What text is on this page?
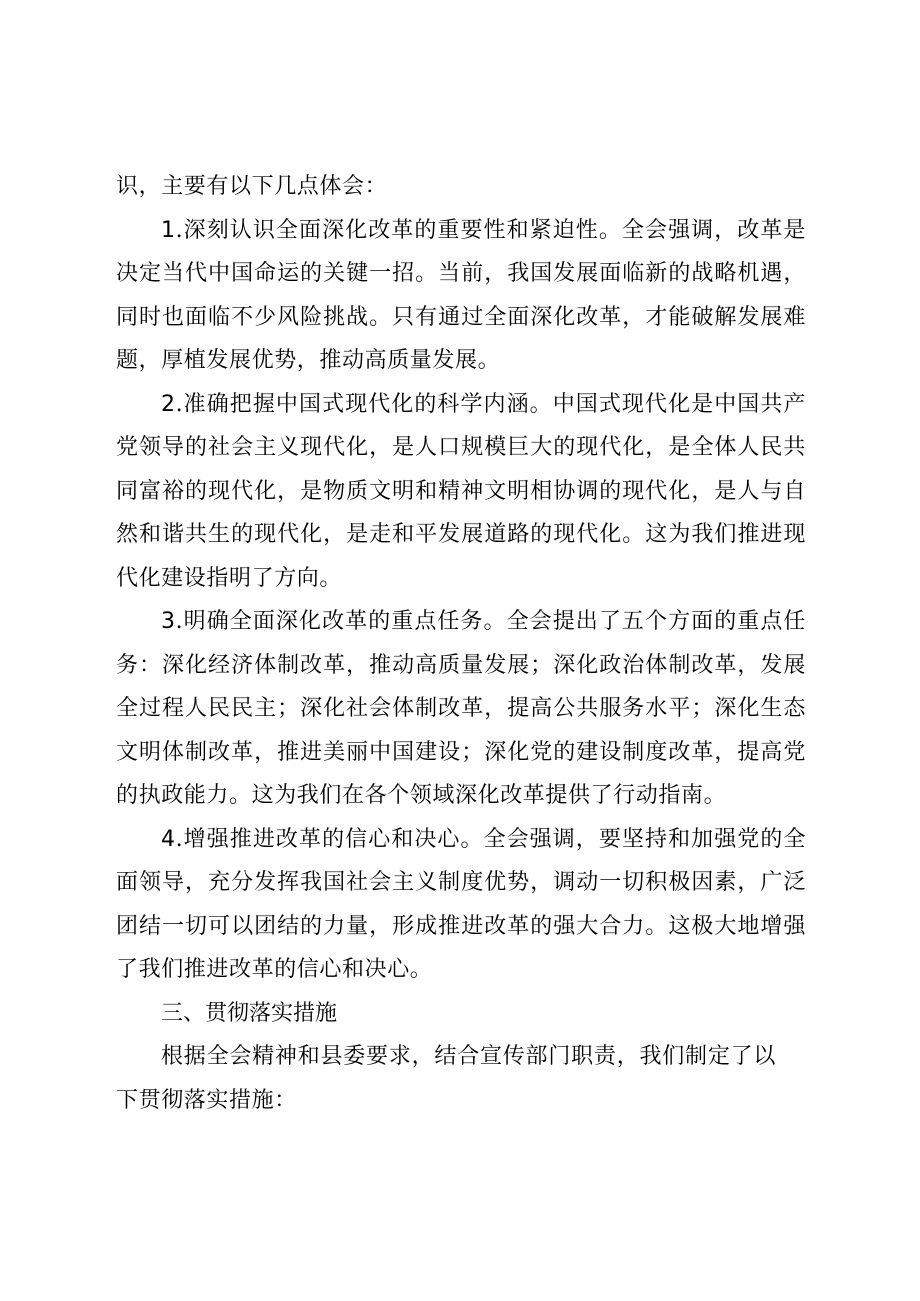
识，主要有以下几点体会：

1.深刻认识全面深化改革的重要性和紧迫性。全会强调，改革是决定当代中国命运的关键一招。当前，我国发展面临新的战略机遇，同时也面临不少风险挑战。只有通过全面深化改革，才能破解发展难题，厚植发展优势，推动高质量发展。

2.准确把握中国式现代化的科学内涵。中国式现代化是中国共产党领导的社会主义现代化，是人口规模巨大的现代化，是全体人民共同富裕的现代化，是物质文明和精神文明相协调的现代化，是人与自然和谐共生的现代化，是走和平发展道路的现代化。这为我们推进现代化建设指明了方向。

3.明确全面深化改革的重点任务。全会提出了五个方面的重点任务：深化经济体制改革，推动高质量发展；深化政治体制改革，发展全过程人民民主；深化社会体制改革，提高公共服务水平；深化生态文明体制改革，推进美丽中国建设；深化党的建设制度改革，提高党的执政能力。这为我们在各个领域深化改革提供了行动指南。

4.增强推进改革的信心和决心。全会强调，要坚持和加强党的全面领导，充分发挥我国社会主义制度优势，调动一切积极因素，广泛团结一切可以团结的力量，形成推进改革的强大合力。这极大地增强了我们推进改革的信心和决心。

三、贯彻落实措施

根据全会精神和县委要求，结合宣传部门职责，我们制定了以下贯彻落实措施：
